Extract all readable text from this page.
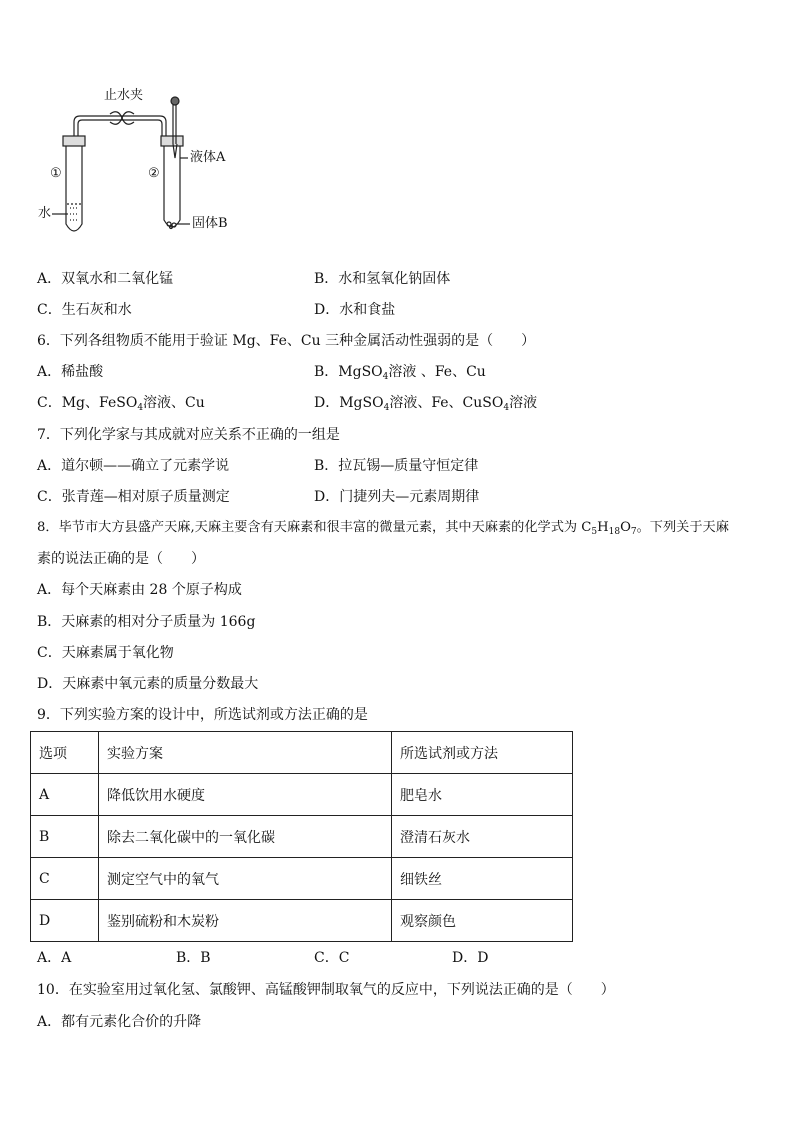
止水夹
①	②
水
液体A
固体B
A．双氧水和二氧化锰	B．水和氢氧化钠固体
C．生石灰和水	D．水和食盐
6．下列各组物质不能用于验证 Mg、Fe、Cu 三种金属活动性强弱的是（　　）
A．稀盐酸	B．MgSO$_4$溶液 、Fe、Cu
C．Mg、FeSO$_4$溶液、Cu	D．MgSO$_4$溶液、Fe、CuSO$_4$溶液
7．下列化学家与其成就对应关系不正确的一组是
A．道尔顿——确立了元素学说	B．拉瓦锡—质量守恒定律
C．张青莲—相对原子质量测定	D．门捷列夫—元素周期律
8．毕节市大方县盛产天麻,天麻主要含有天麻素和很丰富的微量元素，其中天麻素的化学式为 $C_5H_{18}O_7$。下列关于天麻
素的说法正确的是（　　）
A．每个天麻素由 28 个原子构成
B．天麻素的相对分子质量为 166g
C．天麻素属于氧化物
D．天麻素中氧元素的质量分数最大
9．下列实验方案的设计中，所选试剂或方法正确的是
选项	实验方案	所选试剂或方法
A	降低饮用水硬度	肥皂水
B	除去二氧化碳中的一氧化碳	澄清石灰水
C	测定空气中的氧气	细铁丝
D	鉴别硫粉和木炭粉	观察颜色
A．A	B．B	C．C	D．D
10．在实验室用过氧化氢、氯酸钾、高锰酸钾制取氧气的反应中，下列说法正确的是（　　）
A．都有元素化合价的升降
